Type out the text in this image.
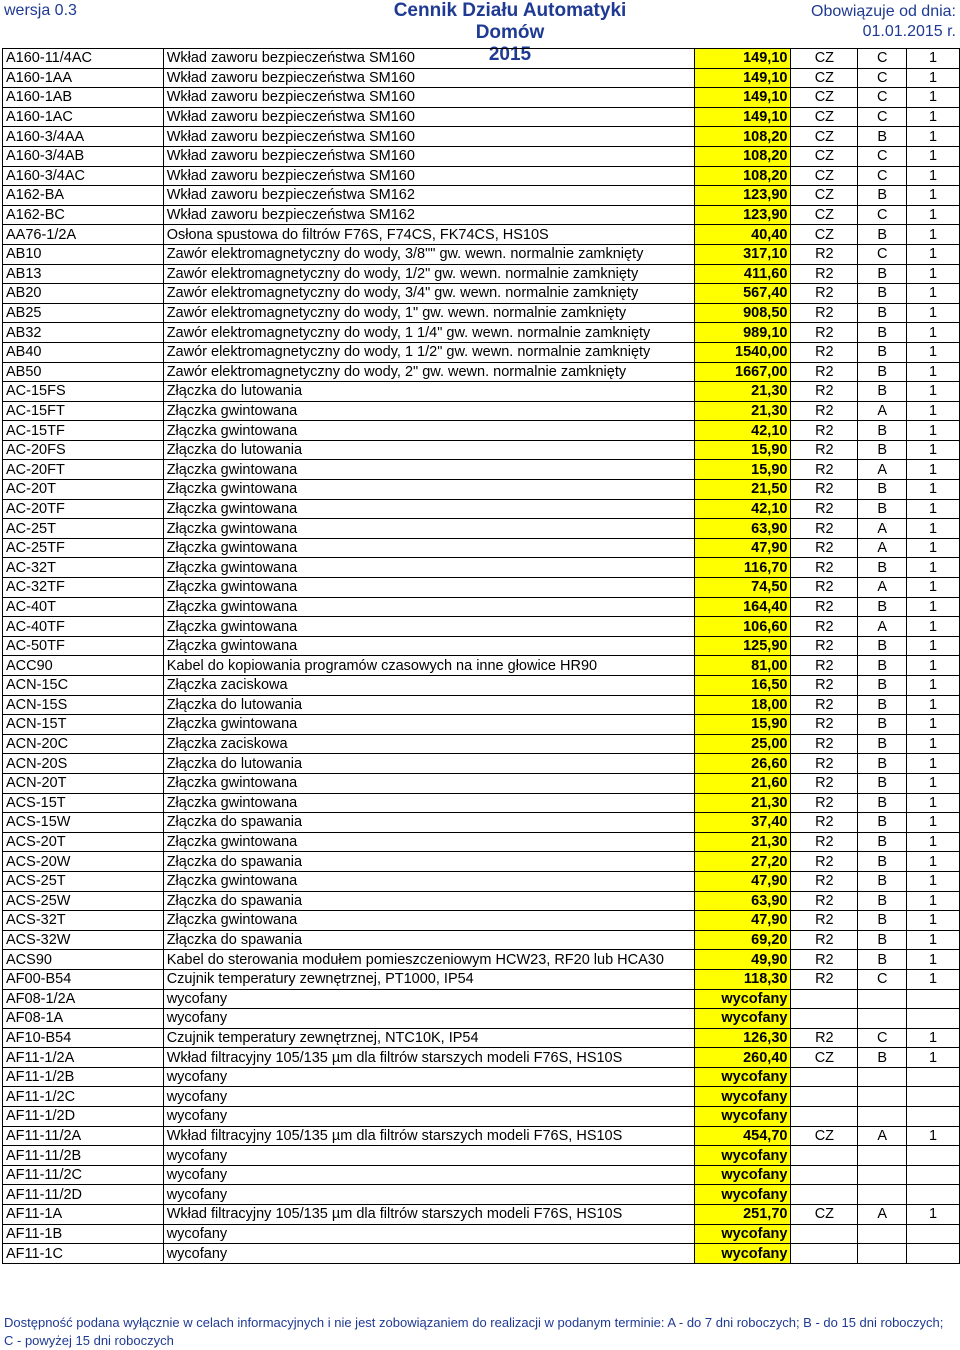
wersja 0.3	Cennik Działu Automatyki Domów
2015
Obowiązuje od dnia:
01.01.2015 r.
A160-11/4AC	Wkład zaworu bezpieczeństwa SM160	149,10	CZ	C	1
A160-1AA	Wkład zaworu bezpieczeństwa SM160	149,10	CZ	C	1
A160-1AB	Wkład zaworu bezpieczeństwa SM160	149,10	CZ	C	1
A160-1AC	Wkład zaworu bezpieczeństwa SM160	149,10	CZ	C	1
A160-3/4AA	Wkład zaworu bezpieczeństwa SM160	108,20	CZ	B	1
A160-3/4AB	Wkład zaworu bezpieczeństwa SM160	108,20	CZ	C	1
A160-3/4AC	Wkład zaworu bezpieczeństwa SM160	108,20	CZ	C	1
A162-BA	Wkład zaworu bezpieczeństwa SM162	123,90	CZ	B	1
A162-BC	Wkład zaworu bezpieczeństwa SM162	123,90	CZ	C	1
AA76-1/2A	Osłona spustowa do filtrów F76S, F74CS, FK74CS, HS10S	40,40	CZ	B	1
AB10	Zawór elektromagnetyczny do wody, 3/8"" gw. wewn. normalnie zamknięty	317,10	R2	C	1
AB13	Zawór elektromagnetyczny do wody, 1/2" gw. wewn. normalnie zamknięty	411,60	R2	B	1
AB20	Zawór elektromagnetyczny do wody, 3/4" gw. wewn. normalnie zamknięty	567,40	R2	B	1
AB25	Zawór elektromagnetyczny do wody, 1" gw. wewn. normalnie zamknięty	908,50	R2	B	1
AB32	Zawór elektromagnetyczny do wody, 1 1/4" gw. wewn. normalnie zamknięty	989,10	R2	B	1
AB40	Zawór elektromagnetyczny do wody, 1 1/2" gw. wewn. normalnie zamknięty	1540,00	R2	B	1
AB50	Zawór elektromagnetyczny do wody, 2" gw. wewn. normalnie zamknięty	1667,00	R2	B	1
AC-15FS	Złączka do lutowania	21,30	R2	B	1
AC-15FT	Złączka gwintowana	21,30	R2	A	1
AC-15TF	Złączka gwintowana	42,10	R2	B	1
AC-20FS	Złączka do lutowania	15,90	R2	B	1
AC-20FT	Złączka gwintowana	15,90	R2	A	1
AC-20T	Złączka gwintowana	21,50	R2	B	1
AC-20TF	Złączka gwintowana	42,10	R2	B	1
AC-25T	Złączka gwintowana	63,90	R2	A	1
AC-25TF	Złączka gwintowana	47,90	R2	A	1
AC-32T	Złączka gwintowana	116,70	R2	B	1
AC-32TF	Złączka gwintowana	74,50	R2	A	1
AC-40T	Złączka gwintowana	164,40	R2	B	1
AC-40TF	Złączka gwintowana	106,60	R2	A	1
AC-50TF	Złączka gwintowana	125,90	R2	B	1
ACC90	Kabel do kopiowania programów czasowych na inne głowice HR90	81,00	R2	B	1
ACN-15C	Złączka zaciskowa	16,50	R2	B	1
ACN-15S	Złączka do lutowania	18,00	R2	B	1
ACN-15T	Złączka gwintowana	15,90	R2	B	1
ACN-20C	Złączka zaciskowa	25,00	R2	B	1
ACN-20S	Złączka do lutowania	26,60	R2	B	1
ACN-20T	Złączka gwintowana	21,60	R2	B	1
ACS-15T	Złączka gwintowana	21,30	R2	B	1
ACS-15W	Złączka do spawania	37,40	R2	B	1
ACS-20T	Złączka gwintowana	21,30	R2	B	1
ACS-20W	Złączka do spawania	27,20	R2	B	1
ACS-25T	Złączka gwintowana	47,90	R2	B	1
ACS-25W	Złączka do spawania	63,90	R2	B	1
ACS-32T	Złączka gwintowana	47,90	R2	B	1
ACS-32W	Złączka do spawania	69,20	R2	B	1
ACS90	Kabel do sterowania modułem pomieszczeniowym HCW23, RF20 lub HCA30	49,90	R2	B	1
AF00-B54	Czujnik temperatury zewnętrznej, PT1000, IP54	118,30	R2	C	1
AF08-1/2A	wycofany	wycofany			
AF08-1A	wycofany	wycofany			
AF10-B54	Czujnik temperatury zewnętrznej, NTC10K, IP54	126,30	R2	C	1
AF11-1/2A	Wkład filtracyjny 105/135 µm dla filtrów starszych modeli F76S, HS10S	260,40	CZ	B	1
AF11-1/2B	wycofany	wycofany			
AF11-1/2C	wycofany	wycofany			
AF11-1/2D	wycofany	wycofany			
AF11-11/2A	Wkład filtracyjny 105/135 µm dla filtrów starszych modeli F76S, HS10S	454,70	CZ	A	1
AF11-11/2B	wycofany	wycofany			
AF11-11/2C	wycofany	wycofany			
AF11-11/2D	wycofany	wycofany			
AF11-1A	Wkład filtracyjny 105/135 µm dla filtrów starszych modeli F76S, HS10S	251,70	CZ	A	1
AF11-1B	wycofany	wycofany			
AF11-1C	wycofany	wycofany			
Dostępność podana wyłącznie w celach informacyjnych i nie jest zobowiązaniem do realizacji w podanym terminie: A - do 7 dni roboczych; B - do 15 dni roboczych; C - powyżej 15 dni roboczych
